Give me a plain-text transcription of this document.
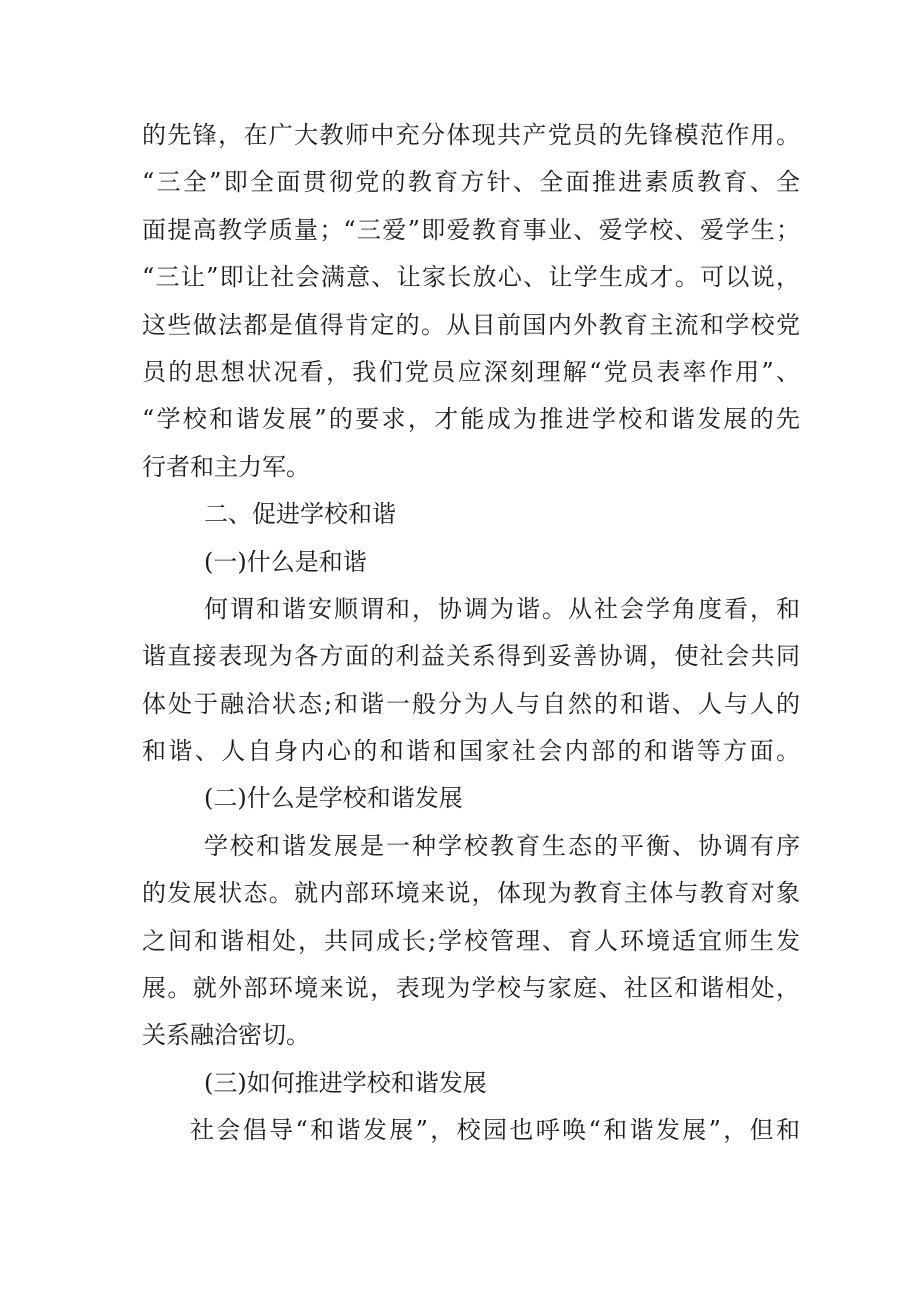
的先锋，在广大教师中充分体现共产党员的先锋模范作用。
“三全”即全面贯彻党的教育方针、全面推进素质教育、全
面提高教学质量；“三爱”即爱教育事业、爱学校、爱学生；
“三让”即让社会满意、让家长放心、让学生成才。可以说，
这些做法都是值得肯定的。从目前国内外教育主流和学校党
员的思想状况看，我们党员应深刻理解“党员表率作用”、
“学校和谐发展”的要求，才能成为推进学校和谐发展的先
行者和主力军。
二、促进学校和谐
(一)什么是和谐
何谓和谐安顺谓和，协调为谐。从社会学角度看，和
谐直接表现为各方面的利益关系得到妥善协调，使社会共同
体处于融洽状态;和谐一般分为人与自然的和谐、人与人的
和谐、人自身内心的和谐和国家社会内部的和谐等方面。
(二)什么是学校和谐发展
学校和谐发展是一种学校教育生态的平衡、协调有序
的发展状态。就内部环境来说，体现为教育主体与教育对象
之间和谐相处，共同成长;学校管理、育人环境适宜师生发
展。就外部环境来说，表现为学校与家庭、社区和谐相处，
关系融洽密切。
(三)如何推进学校和谐发展
社会倡导“和谐发展”，校园也呼唤“和谐发展”，但和
